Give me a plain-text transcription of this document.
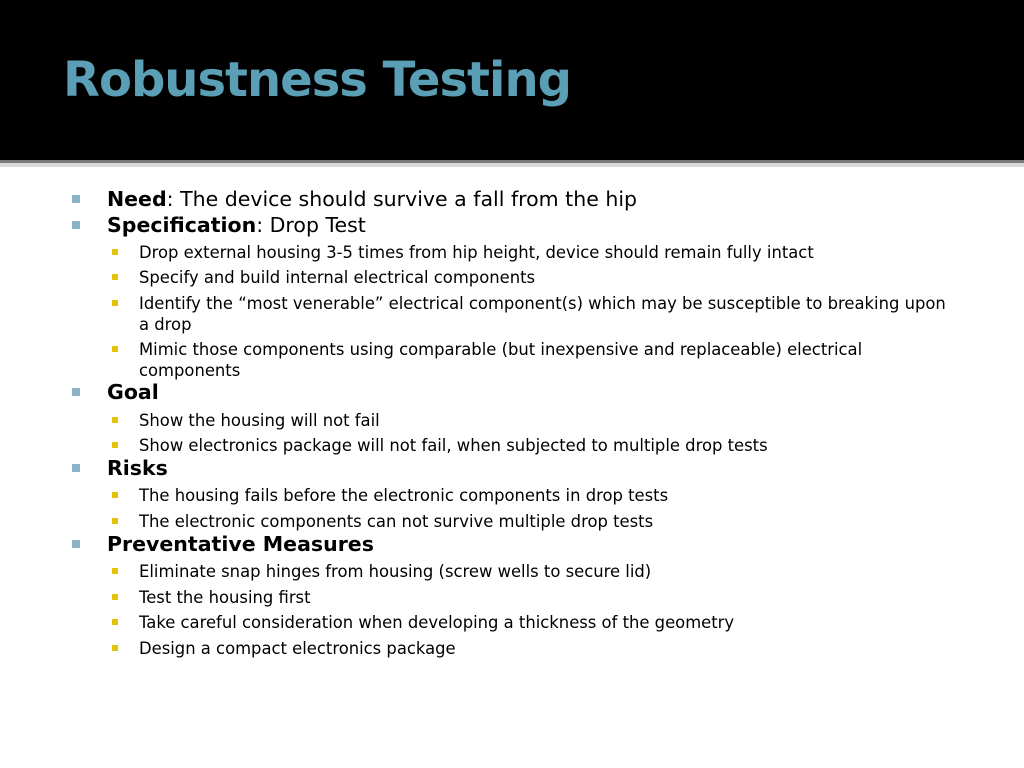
Robustness Testing
Need: The device should survive a fall from the hip
Specification: Drop Test
Drop external housing 3-5 times from hip height, device should remain fully intact
Specify and build internal electrical components
Identify the “most venerable” electrical component(s) which may be susceptible to breaking upon a drop
Mimic those components using comparable (but inexpensive and replaceable) electrical components
Goal
Show the housing will not fail
Show electronics package will not fail, when subjected to multiple drop tests
Risks
The housing fails before the electronic components in drop tests
The electronic components can not survive multiple drop tests
Preventative Measures
Eliminate snap hinges from housing (screw wells to secure lid)
Test the housing first
Take careful consideration when developing a thickness of the geometry
Design a compact electronics package
